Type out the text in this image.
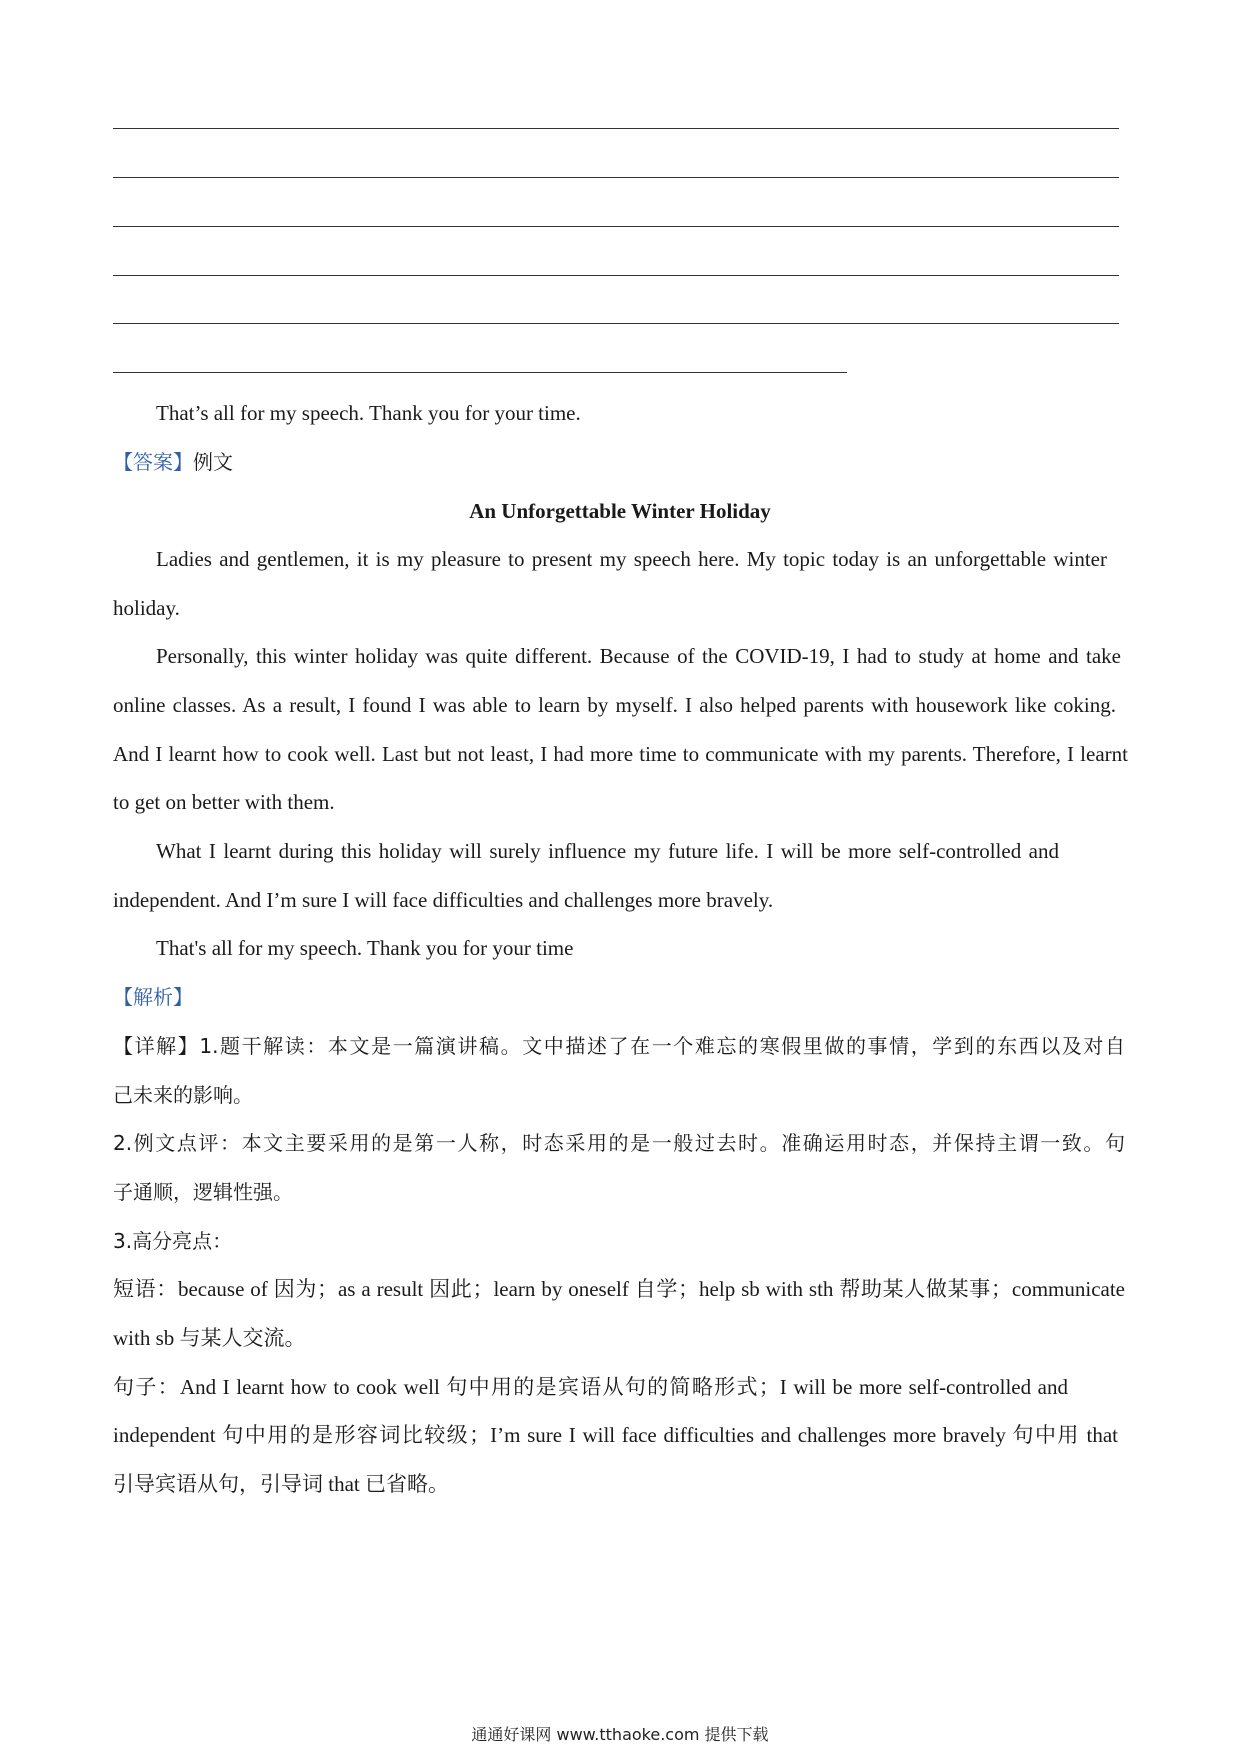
That’s all for my speech. Thank you for your time.
【答案】例文
An Unforgettable Winter Holiday
Ladies and gentlemen, it is my pleasure to present my speech here. My topic today is an unforgettable winter
holiday.
Personally, this winter holiday was quite different. Because of the COVID-19, I had to study at home and take
online classes. As a result, I found I was able to learn by myself. I also helped parents with housework like coking.
And I learnt how to cook well. Last but not least, I had more time to communicate with my parents. Therefore, I learnt
to get on better with them.
What I learnt during this holiday will surely influence my future life. I will be more self-controlled and
independent. And I’m sure I will face difficulties and challenges more bravely.
That's all for my speech. Thank you for your time
【解析】
【详解】1.题干解读：本文是一篇演讲稿。文中描述了在一个难忘的寒假里做的事情，学到的东西以及对自
己未来的影响。
2.例文点评：本文主要采用的是第一人称，时态采用的是一般过去时。准确运用时态，并保持主谓一致。句
子通顺，逻辑性强。
3.高分亮点：
短语：because of 因为；as a result 因此；learn by oneself 自学；help sb with sth 帮助某人做某事；communicate
with sb 与某人交流。
句子：And I learnt how to cook well 句中用的是宾语从句的简略形式；I will be more self-controlled and
independent 句中用的是形容词比较级；I’m sure I will face difficulties and challenges more bravely 句中用 that
引导宾语从句，引导词 that 已省略。
通通好课网 www.tthaoke.com 提供下载
